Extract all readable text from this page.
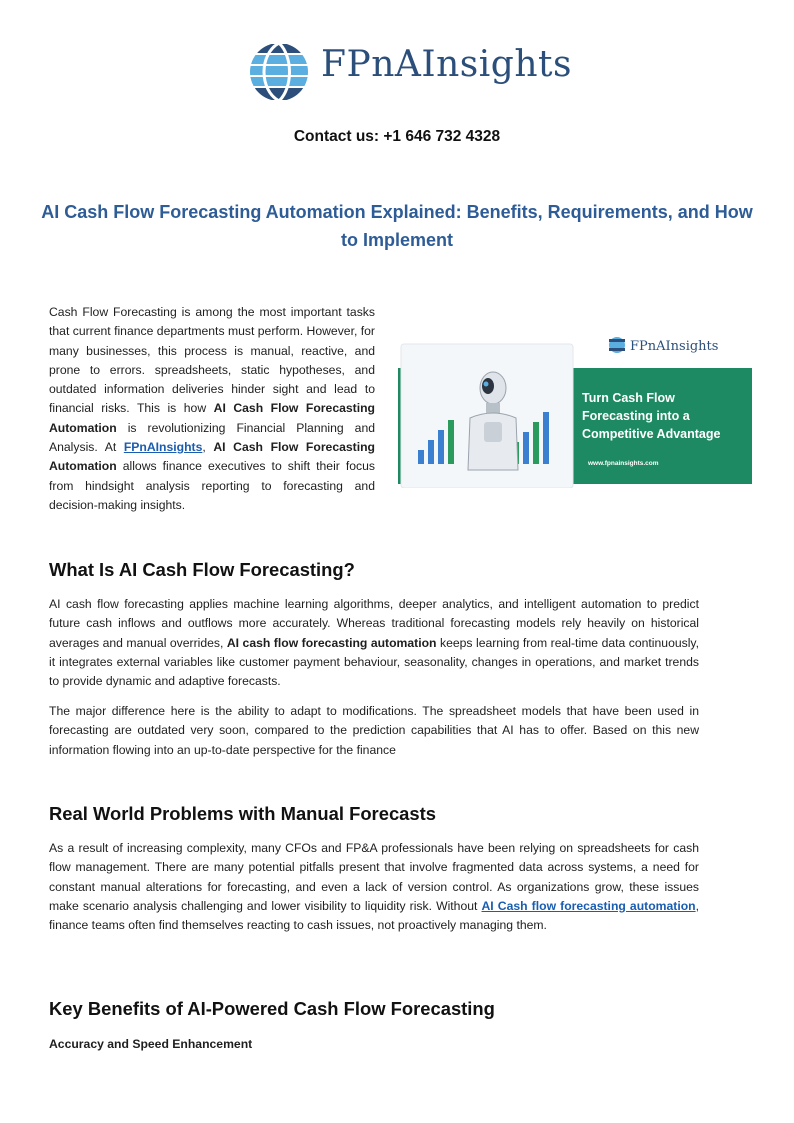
FPnAInsights
Contact us: +1 646 732 4328
AI Cash Flow Forecasting Automation Explained: Benefits, Requirements, and How to Implement

Cash Flow Forecasting is among the most important tasks that current finance departments must perform. However, for many businesses, this process is manual, reactive, and prone to errors. spreadsheets, static hypotheses, and outdated information deliveries hinder sight and lead to financial risks. This is how AI Cash Flow Forecasting Automation is revolutionizing Financial Planning and Analysis. At FPnAInsights, AI Cash Flow Forecasting Automation allows finance executives to shift their focus from hindsight analysis reporting to forecasting and decision-making insights.

FPnAInsights
Turn Cash Flow
Forecasting into a
Competitive Advantage
www.fpnainsights.com
What Is AI Cash Flow Forecasting?

AI cash flow forecasting applies machine learning algorithms, deeper analytics, and intelligent automation to predict future cash inflows and outflows more accurately. Whereas traditional forecasting models rely heavily on historical averages and manual overrides, AI cash flow forecasting automation keeps learning from real-time data continuously, it integrates external variables like customer payment behaviour, seasonality, changes in operations, and market trends to provide dynamic and adaptive forecasts.

The major difference here is the ability to adapt to modifications. The spreadsheet models that have been used in forecasting are outdated very soon, compared to the prediction capabilities that AI has to offer. Based on this new information flowing into an up-to-date perspective for the finance

Real World Problems with Manual Forecasts

As a result of increasing complexity, many CFOs and FP&A professionals have been relying on spreadsheets for cash flow management. There are many potential pitfalls present that involve fragmented data across systems, a need for constant manual alterations for forecasting, and even a lack of version control. As organizations grow, these issues make scenario analysis challenging and lower visibility to liquidity risk. Without AI Cash flow forecasting automation, finance teams often find themselves reacting to cash issues, not proactively managing them.

Key Benefits of AI-Powered Cash Flow Forecasting
Accuracy and Speed Enhancement
